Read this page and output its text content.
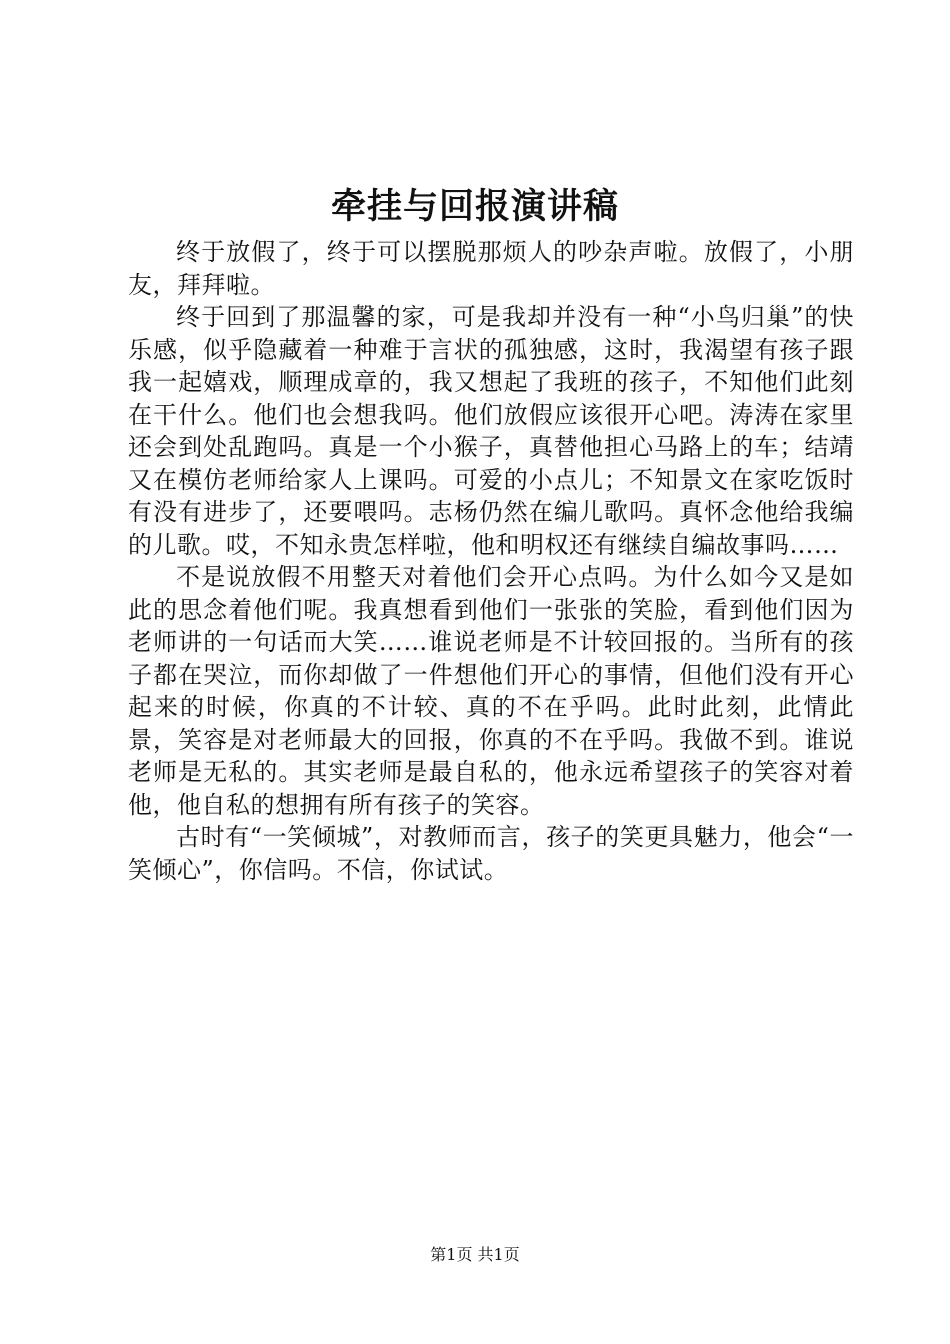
牵挂与回报演讲稿

终于放假了，终于可以摆脱那烦人的吵杂声啦。放假了，小朋友，拜拜啦。

终于回到了那温馨的家，可是我却并没有一种“小鸟归巢”的快乐感，似乎隐藏着一种难于言状的孤独感，这时，我渴望有孩子跟我一起嬉戏，顺理成章的，我又想起了我班的孩子，不知他们此刻在干什么。他们也会想我吗。他们放假应该很开心吧。涛涛在家里还会到处乱跑吗。真是一个小猴子，真替他担心马路上的车；结靖又在模仿老师给家人上课吗。可爱的小点儿；不知景文在家吃饭时有没有进步了，还要喂吗。志杨仍然在编儿歌吗。真怀念他给我编的儿歌。哎，不知永贵怎样啦，他和明权还有继续自编故事吗……

不是说放假不用整天对着他们会开心点吗。为什么如今又是如此的思念着他们呢。我真想看到他们一张张的笑脸，看到他们因为老师讲的一句话而大笑……谁说老师是不计较回报的。当所有的孩子都在哭泣，而你却做了一件想他们开心的事情，但他们没有开心起来的时候，你真的不计较、真的不在乎吗。此时此刻，此情此景，笑容是对老师最大的回报，你真的不在乎吗。我做不到。谁说老师是无私的。其实老师是最自私的，他永远希望孩子的笑容对着他，他自私的想拥有所有孩子的笑容。

古时有“一笑倾城”，对教师而言，孩子的笑更具魅力，他会“一笑倾心”，你信吗。不信，你试试。

第1页 共1页
